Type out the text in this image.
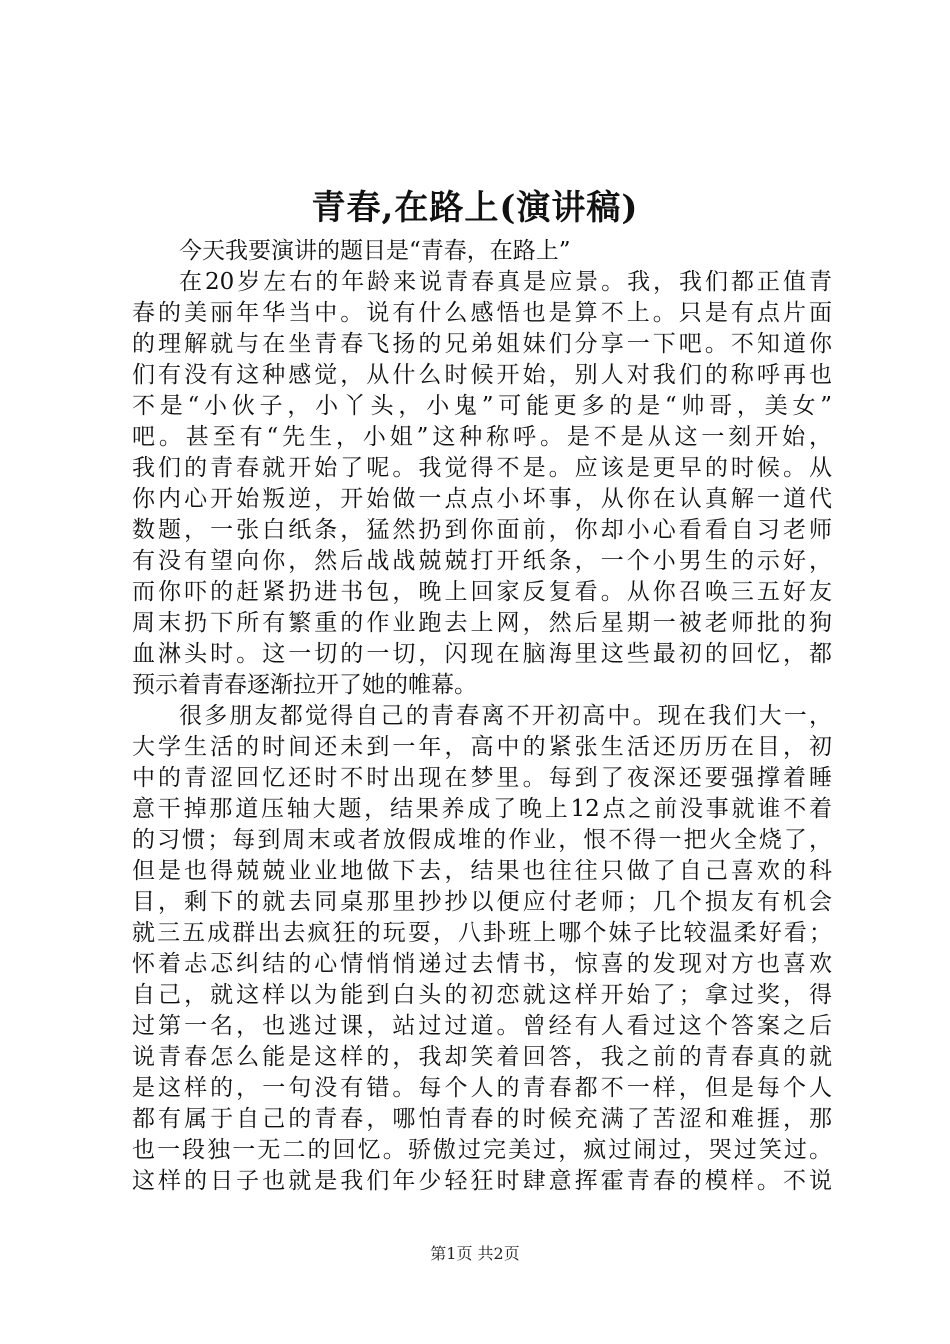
青春,在路上(演讲稿)
今天我要演讲的题目是“青春，在路上”
在20岁左右的年龄来说青春真是应景。我，我们都正值青
春的美丽年华当中。说有什么感悟也是算不上。只是有点片面
的理解就与在坐青春飞扬的兄弟姐妹们分享一下吧。不知道你
们有没有这种感觉，从什么时候开始，别人对我们的称呼再也
不是“小伙子，小丫头，小鬼”可能更多的是“帅哥，美女”
吧。甚至有“先生，小姐”这种称呼。是不是从这一刻开始，
我们的青春就开始了呢。我觉得不是。应该是更早的时候。从
你内心开始叛逆，开始做一点点小坏事，从你在认真解一道代
数题，一张白纸条，猛然扔到你面前，你却小心看看自习老师
有没有望向你，然后战战兢兢打开纸条，一个小男生的示好，
而你吓的赶紧扔进书包，晚上回家反复看。从你召唤三五好友
周末扔下所有繁重的作业跑去上网，然后星期一被老师批的狗
血淋头时。这一切的一切，闪现在脑海里这些最初的回忆，都
预示着青春逐渐拉开了她的帷幕。
很多朋友都觉得自己的青春离不开初高中。现在我们大一，
大学生活的时间还未到一年，高中的紧张生活还历历在目，初
中的青涩回忆还时不时出现在梦里。每到了夜深还要强撑着睡
意干掉那道压轴大题，结果养成了晚上12点之前没事就谁不着
的习惯；每到周末或者放假成堆的作业，恨不得一把火全烧了，
但是也得兢兢业业地做下去，结果也往往只做了自己喜欢的科
目，剩下的就去同桌那里抄抄以便应付老师；几个损友有机会
就三五成群出去疯狂的玩耍，八卦班上哪个妹子比较温柔好看；
怀着忐忑纠结的心情悄悄递过去情书，惊喜的发现对方也喜欢
自己，就这样以为能到白头的初恋就这样开始了；拿过奖，得
过第一名，也逃过课，站过过道。曾经有人看过这个答案之后
说青春怎么能是这样的，我却笑着回答，我之前的青春真的就
是这样的，一句没有错。每个人的青春都不一样，但是每个人
都有属于自己的青春，哪怕青春的时候充满了苦涩和难捱，那
也一段独一无二的回忆。骄傲过完美过，疯过闹过，哭过笑过。
这样的日子也就是我们年少轻狂时肆意挥霍青春的模样。不说
第1页 共2页
